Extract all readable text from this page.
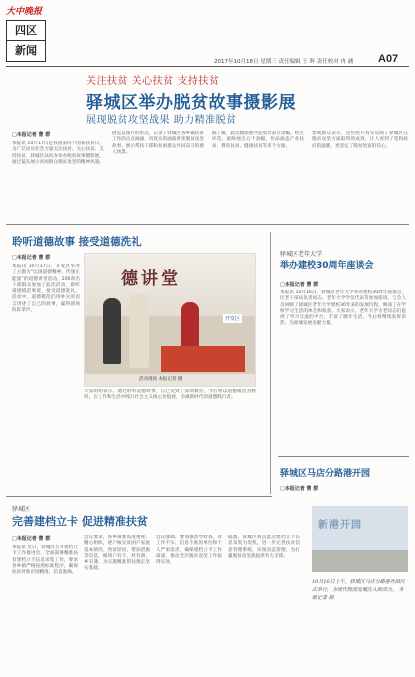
大中晚报
四区
新闻
2017年10月18日 星期三 责任编辑 王 晖 责任校对 冉 涵 A07
关注扶贫 关心扶贫 支持扶贫
驿城区举办脱贫故事摄影展
展现脱贫攻坚战果 助力精准脱贫
□本报记者 曹 群
本报讯 10月17日是我国第四个国家扶贫日，为广泛动员社会力量关注扶贫、关心扶贫、支持扶贫，驿城区扶贫办举办脱贫故事摄影展，通过镜头展示贫困群众脱贫攻坚的精神风貌。
展览以图片的形式，记录了驿城区各乡镇扶贫工作的点点滴滴，用真实的画面讲述脱贫攻坚故事，展示帮扶干部和贫困群众共同奋斗的感人场景。
据了解，此次摄影展共征集作品百余幅，经过评选，最终展出五十余幅，作品涵盖产业扶贫、教育扶贫、健康扶贫等多个方面。
参观群众表示，这些照片真实反映了驿城区在脱贫攻坚方面取得的成效，让人看到了党和政府的温暖，更坚定了脱贫致富的信心。
聆听道德故事 接受道德洗礼
□本报记者 曹 群
本报讯 10月17日，开发区举办了主题为“弘扬道德精神，传递正能量”的道德讲堂活动，200余名干部群众参加了此次活动，聆听道德模范事迹，接受道德洗礼。活动中，道德模范们用朴实的语言讲述了自己的故事，赢得现场阵阵掌声。
德讲堂
开发区
活动现场 本报记者 摄
大家纷纷表示，通过聆听道德故事，自己受到了深刻教育，今后将以道德模范为榜样，在工作和生活中践行社会主义核心价值观，争做新时代的道德践行者。
驿城区老年大学
举办建校30周年座谈会
□本报记者 曹 群
本报讯 10月16日，驿城区老年大学举办建校30周年座谈会，区老干部局负责同志、老年大学学员代表等参加座谈。与会人员回顾了驿城区老年大学建校30年来的发展历程，畅谈了在学校学习生活的体会和收获。大家表示，老年大学为老同志们提供了学习交流的平台，丰富了晚年生活，今后将继续发挥余热，为驿城发展贡献力量。
驿城区马店分路港开园
□本报记者 曹 群
新港开园
10月16日上午，驿城区马店分路港开园仪式举行，为现代物流发展注入新活力。 本报记者 摄
驿城区
完善建档立卡 促进精准扶贫
□本报记者 曹 群
本报讯 近日，驿城区召开建档立卡工作推进会，全面部署精准扶贫建档立卡信息采集工作，要求各乡镇严格按照标准程序，确保扶贫对象识别精准、信息准确。
会议要求，各乡镇要高度重视，精心组织，逐户核实贫困户家庭基本情况、致贫原因、帮扶措施等信息，做到户有卡、村有册、乡有簿，为实施精准帮扶奠定坚实基础。
会议强调，要加强督导检查，对工作不实、信息不准的单位和个人严肃追责，确保建档立卡工作质量，推动全区脱贫攻坚工作取得实效。
据悉，驿城区将以此次建档立卡信息采集为契机，进一步完善扶贫信息管理系统，实现动态管理，为打赢脱贫攻坚战提供有力支撑。
